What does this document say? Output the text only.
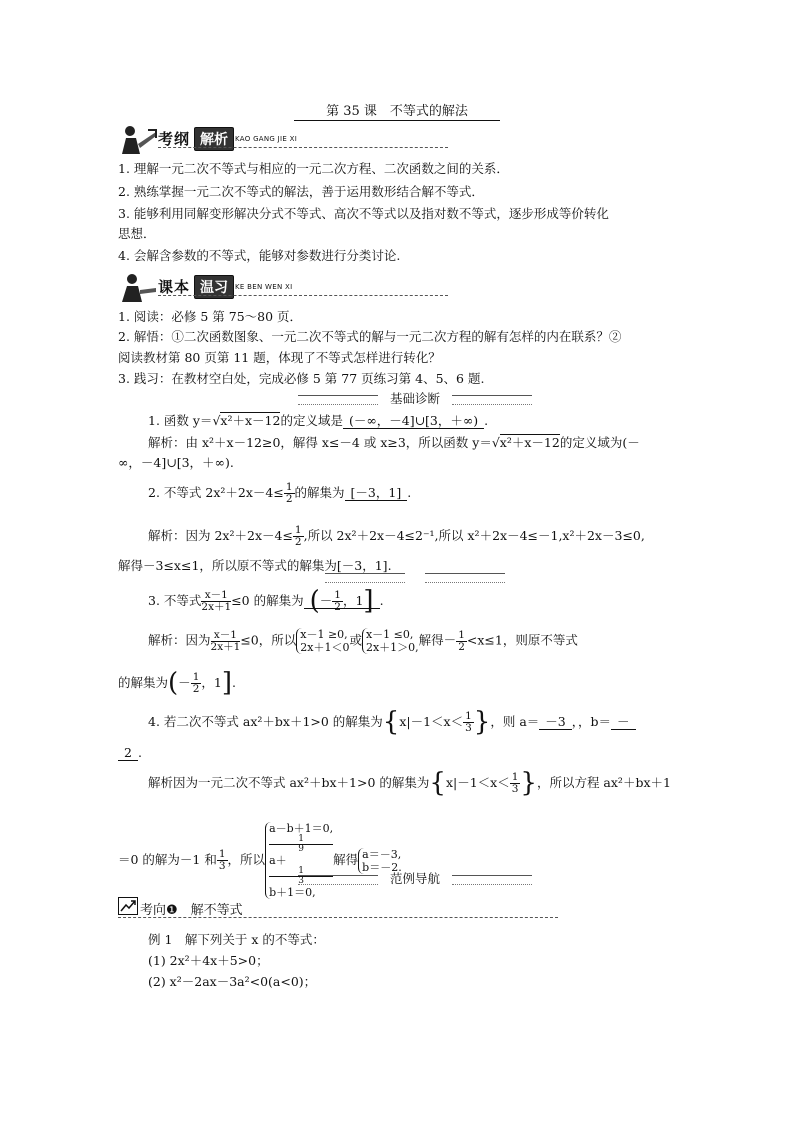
第 35 课　不等式的解法
考纲 解析	KAO GANG JIE XI
1. 理解一元二次不等式与相应的一元二次方程、二次函数之间的关系．
2. 熟练掌握一元二次不等式的解法，善于运用数形结合解不等式．
3. 能够利用同解变形解决分式不等式、高次不等式以及指对数不等式，逐步形成等价转化
思想．
4. 会解含参数的不等式，能够对参数进行分类讨论.
课本 温习	KE BEN WEN XI
1. 阅读：必修 5 第 75～80 页．
2. 解悟：①二次函数图象、一元二次不等式的解与一元二次方程的解有怎样的内在联系？②
阅读教材第 80 页第 11 题，体现了不等式怎样进行转化？
3. 践习：在教材空白处，完成必修 5 第 77 页练习第 4、5、6 题.
基础诊断
1. 函数 y＝√x²＋x－12的定义域是 (－∞，－4]∪[3，＋∞) .
解析：由 x²＋x－12≥0，解得 x≤－4 或 x≥3，所以函数 y＝√x²＋x－12的定义域为(－
∞，－4]∪[3，＋∞).
2. 不等式 $2x^2+2x-4\le \frac{1}{2}$ 的解集为 [－3，1] .
解析：因为 $2x^2+2x-4\le \frac{1}{2}$ ,所以 2x²＋2x－4≤2⁻¹,所以 x²＋2x－4≤－1,x²＋2x－3≤0,
解得－3≤x≤1，所以原不等式的解集为[－3，1].
3. 不等式 $\frac{x-1}{2x+1} \le 0$ 的解集为 (－ $\frac{1}{2}$ ，1] .
解析：因为 $\frac{x-1}{2x+1} \le 0$，所以 x－1 ≥0,
2x＋1＜0 或 x－1 ≤0,
2x＋1＞0, 解得－ $\frac{1}{2} <x\le 1$，则原不等式
的解集为(－ $\frac{1}{2}$ ，1].
4. 若二次不等式 ax²＋bx＋1>0 的解集为{$x|-1<x< \frac{1}{3}$ }，则 a＝ －3 ，，b＝ －
2 .
解析因为一元二次不等式 ax²＋bx＋1>0 的解集为{$x|-1<x< \frac{1}{3}$ }，所以方程 ax²＋bx＋1
＝0 的解为－1 和 $\frac{1}{3}$ ，所以
a－b＋1＝0,
1
9
a＋
1
3
b＋1＝0,
解得 a＝－3,
b＝－2.
范例导航
考向❶　解不等式
例 1　解下列关于 x 的不等式：
(1) 2x²＋4x＋5>0；
(2) x²－2ax－3a²<0(a<0)；
